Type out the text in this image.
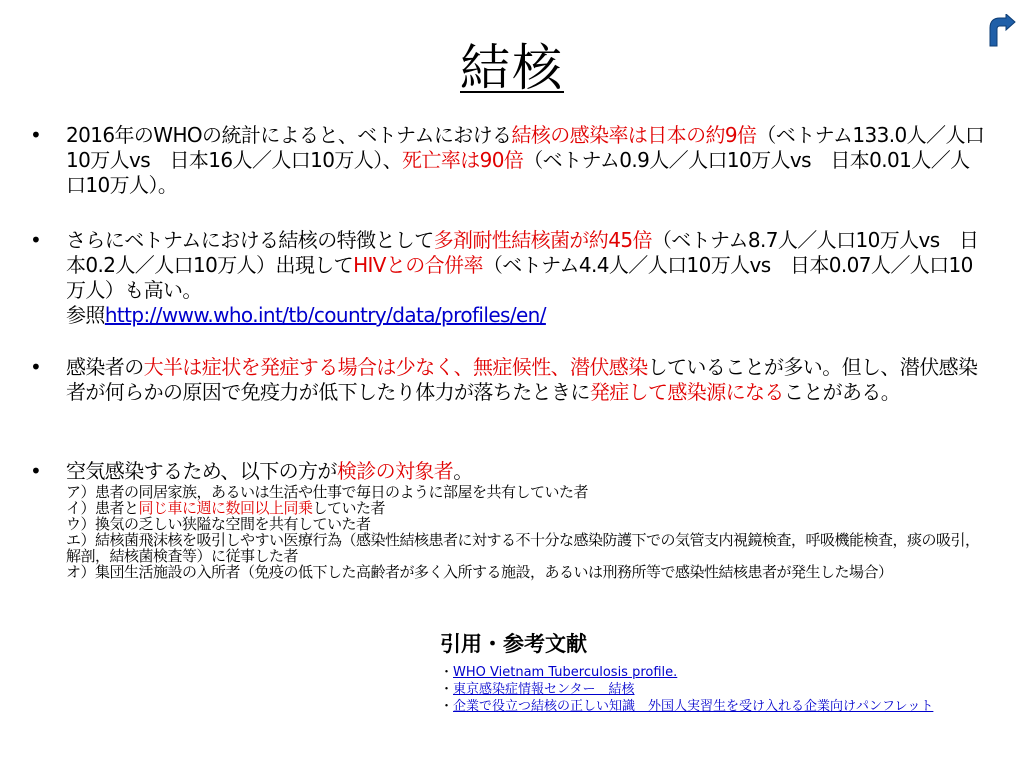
結核
• 2016年のWHOの統計によると、ベトナムにおける結核の感染率は日本の約9倍（ベトナム133.0人／人口10万人vs　日本16人／人口10万人）、死亡率は90倍（ベトナム0.9人／人口10万人vs　日本0.01人／人口10万人）。
• さらにベトナムにおける結核の特徴として多剤耐性結核菌が約45倍（ベトナム8.7人／人口10万人vs　日本0.2人／人口10万人）出現してHIVとの合併率（ベトナム4.4人／人口10万人vs　日本0.07人／人口10万人）も高い。
参照http://www.who.int/tb/country/data/profiles/en/
• 感染者の大半は症状を発症する場合は少なく、無症候性、潜伏感染していることが多い。但し、潜伏感染者が何らかの原因で免疫力が低下したり体力が落ちたときに発症して感染源になることがある。
• 空気感染するため、以下の方が検診の対象者。
ア）患者の同居家族，あるいは生活や仕事で毎日のように部屋を共有していた者
イ）患者と同じ車に週に数回以上同乗していた者
ウ）換気の乏しい狭隘な空間を共有していた者
エ）結核菌飛沫核を吸引しやすい医療行為（感染性結核患者に対する不十分な感染防護下での気管支内視鏡検査，呼吸機能検査，痰の吸引，解剖，結核菌検査等）に従事した者
オ）集団生活施設の入所者（免疫の低下した高齢者が多く入所する施設，あるいは刑務所等で感染性結核患者が発生した場合）
引用・参考文献
・WHO Vietnam Tuberculosis profile.
・東京感染症情報センター　結核
・企業で役立つ結核の正しい知識　外国人実習生を受け入れる企業向けパンフレット
